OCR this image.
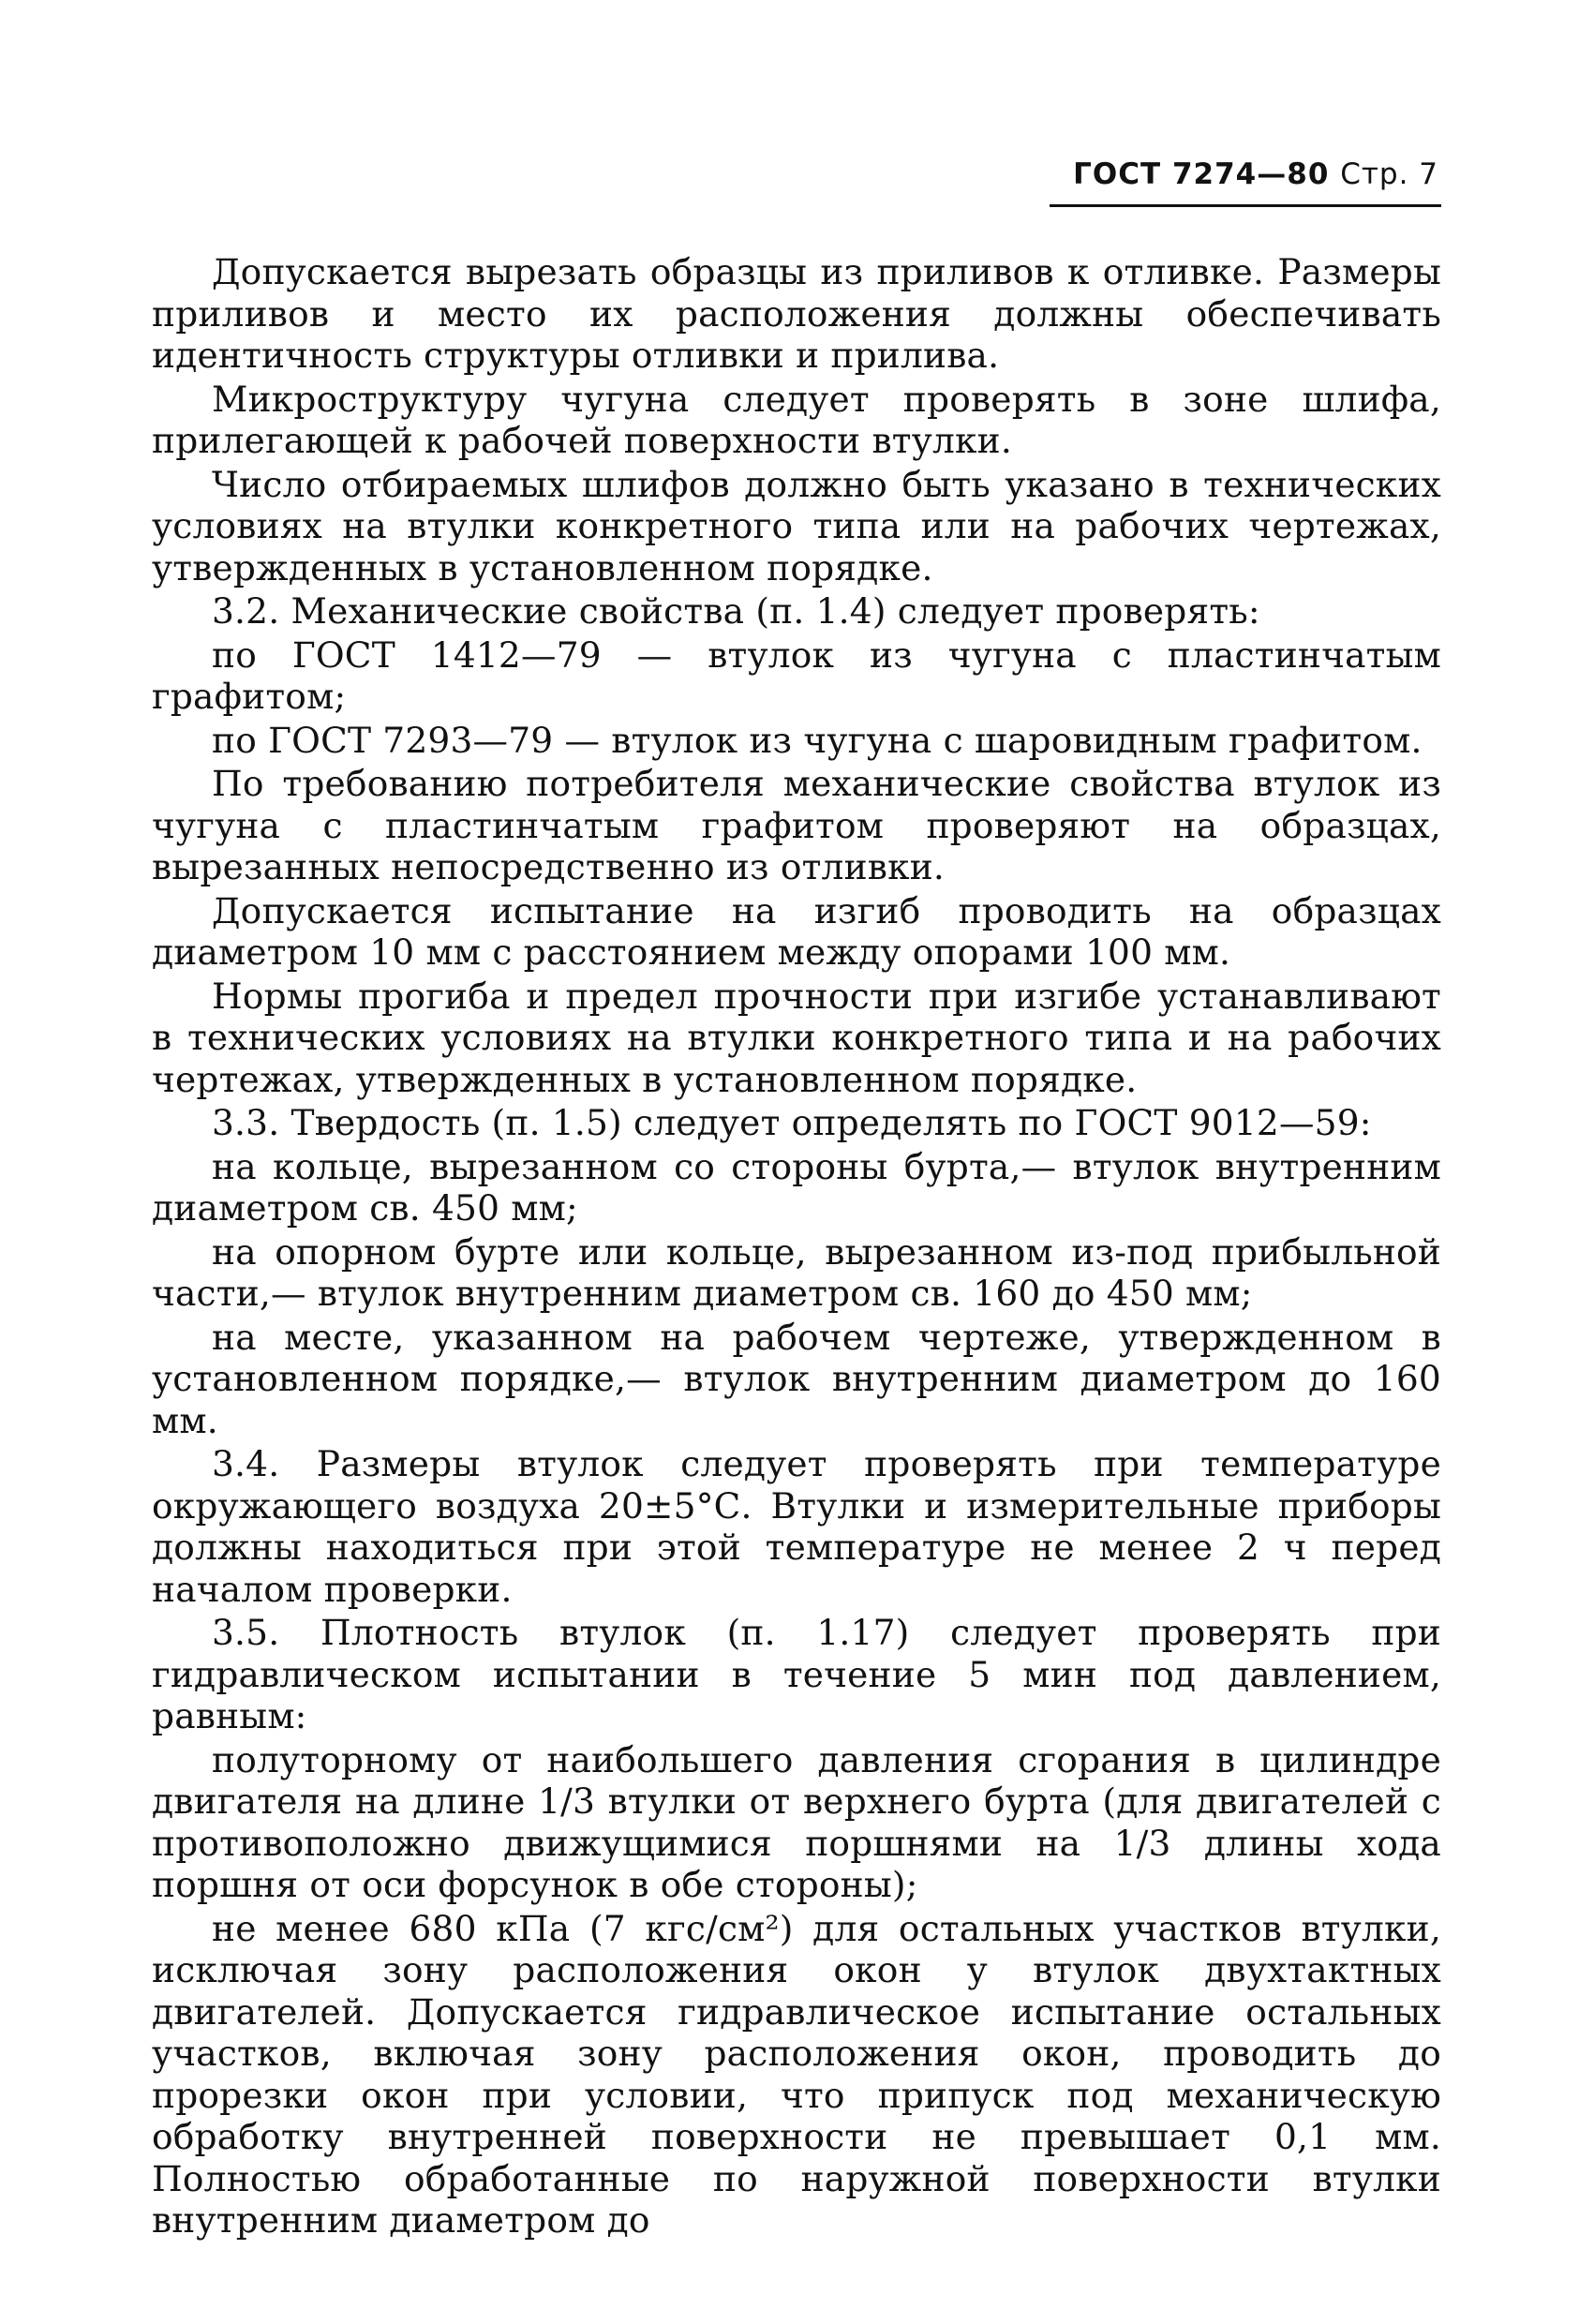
ГОСТ 7274—80 Стр. 7

Допускается вырезать образцы из приливов к отливке. Размеры приливов и место их расположения должны обеспечивать идентичность структуры отливки и прилива.

Микроструктуру чугуна следует проверять в зоне шлифа, прилегающей к рабочей поверхности втулки.

Число отбираемых шлифов должно быть указано в технических условиях на втулки конкретного типа или на рабочих чертежах, утвержденных в установленном порядке.

3.2. Механические свойства (п. 1.4) следует проверять:

по ГОСТ 1412—79 — втулок из чугуна с пластинчатым графитом;

по ГОСТ 7293—79 — втулок из чугуна с шаровидным графитом.

По требованию потребителя механические свойства втулок из чугуна с пластинчатым графитом проверяют на образцах, вырезанных непосредственно из отливки.

Допускается испытание на изгиб проводить на образцах диаметром 10 мм с расстоянием между опорами 100 мм.

Нормы прогиба и предел прочности при изгибе устанавливают в технических условиях на втулки конкретного типа и на рабочих чертежах, утвержденных в установленном порядке.

3.3. Твердость (п. 1.5) следует определять по ГОСТ 9012—59:

на кольце, вырезанном со стороны бурта,— втулок внутренним диаметром св. 450 мм;

на опорном бурте или кольце, вырезанном из-под прибыльной части,— втулок внутренним диаметром св. 160 до 450 мм;

на месте, указанном на рабочем чертеже, утвержденном в установленном порядке,— втулок внутренним диаметром до 160 мм.

3.4. Размеры втулок следует проверять при температуре окружающего воздуха 20±5°С. Втулки и измерительные приборы должны находиться при этой температуре не менее 2 ч перед началом проверки.

3.5. Плотность втулок (п. 1.17) следует проверять при гидравлическом испытании в течение 5 мин под давлением, равным:

полуторному от наибольшего давления сгорания в цилиндре двигателя на длине 1/3 втулки от верхнего бурта (для двигателей с противоположно движущимися поршнями на 1/3 длины хода поршня от оси форсунок в обе стороны);

не менее 680 кПа (7 кгс/см²) для остальных участков втулки, исключая зону расположения окон у втулок двухтактных двигателей. Допускается гидравлическое испытание остальных участков, включая зону расположения окон, проводить до прорезки окон при условии, что припуск под механическую обработку внутренней поверхности не превышает 0,1 мм. Полностью обработанные по наружной поверхности втулки внутренним диаметром до
